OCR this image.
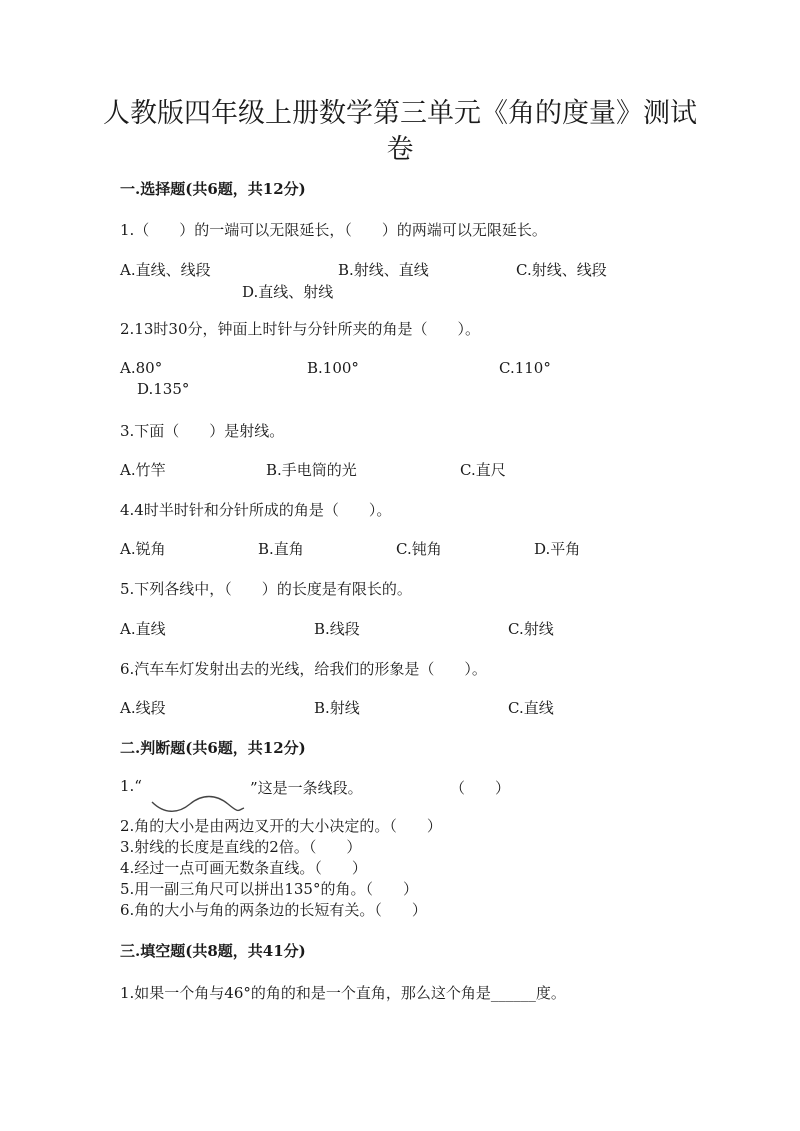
人教版四年级上册数学第三单元《角的度量》测试
卷
一.选择题(共6题，共12分)
1.（　　）的一端可以无限延长，（　　）的两端可以无限延长。
A.直线、线段	B.射线、直线	C.射线、线段
D.直线、射线
2.13时30分，钟面上时针与分针所夹的角是（　　）。
A.80°	B.100°	C.110°
D.135°
3.下面（　　）是射线。
A.竹竿	B.手电筒的光	C.直尺
4.4时半时针和分针所成的角是（　　）。
A.锐角	B.直角	C.钝角	D.平角
5.下列各线中，（　　）的长度是有限长的。
A.直线	B.线段	C.射线
6.汽车车灯发射出去的光线，给我们的形象是（　　）。
A.线段	B.射线	C.直线
二.判断题(共6题，共12分)
1.“	”这是一条线段。	（　　）
2.角的大小是由两边叉开的大小决定的。（　　）
3.射线的长度是直线的2倍。（　　）
4.经过一点可画无数条直线。（　　）
5.用一副三角尺可以拼出135°的角。（　　）
6.角的大小与角的两条边的长短有关。（　　）
三.填空题(共8题，共41分)
1.如果一个角与46°的角的和是一个直角，那么这个角是______度。
